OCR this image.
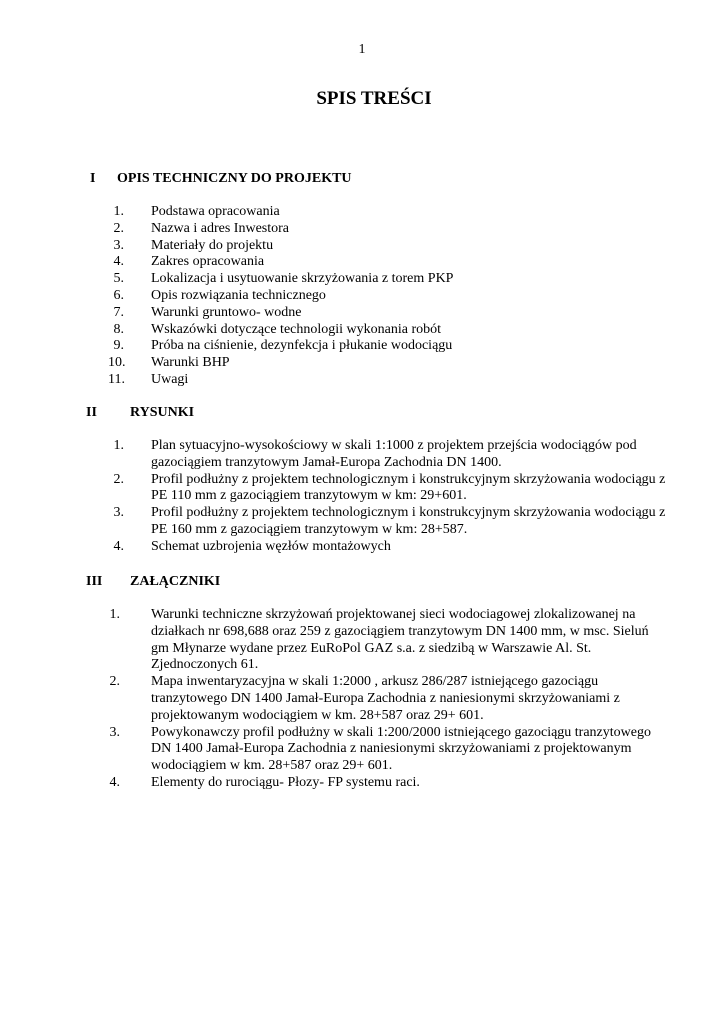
1
SPIS TREŚCI
I OPIS TECHNICZNY DO PROJEKTU
1. Podstawa opracowania
2. Nazwa i adres Inwestora
3. Materiały do projektu
4. Zakres opracowania
5. Lokalizacja i usytuowanie skrzyżowania z torem PKP
6. Opis rozwiązania technicznego
7. Warunki gruntowo- wodne
8. Wskazówki dotyczące technologii wykonania robót
9. Próba na ciśnienie, dezynfekcja i płukanie wodociągu
10. Warunki BHP
11. Uwagi
II RYSUNKI
1. Plan sytuacyjno-wysokościowy w skali 1:1000 z projektem przejścia wodociągów pod gazociągiem tranzytowym Jamał-Europa Zachodnia DN 1400.
2. Profil podłużny z projektem technologicznym i konstrukcyjnym skrzyżowania wodociągu z PE 110 mm z gazociągiem tranzytowym w km: 29+601.
3. Profil podłużny z projektem technologicznym i konstrukcyjnym skrzyżowania wodociągu z PE 160 mm z gazociągiem tranzytowym w km: 28+587.
4. Schemat uzbrojenia węzłów montażowych
III ZAŁĄCZNIKI
1. Warunki techniczne skrzyżowań projektowanej sieci wodociagowej zlokalizowanej na działkach nr 698,688 oraz 259 z gazociągiem tranzytowym DN 1400 mm, w msc. Sieluń gm Młynarze wydane przez EuRoPol GAZ s.a. z siedzibą w Warszawie Al. St. Zjednoczonych 61.
2. Mapa inwentaryzacyjna w skali 1:2000 , arkusz 286/287 istniejącego gazociągu tranzytowego DN 1400 Jamał-Europa Zachodnia z naniesionymi skrzyżowaniami z projektowanym wodociągiem w km. 28+587 oraz 29+ 601.
3. Powykonawczy profil podłużny w skali 1:200/2000 istniejącego gazociągu tranzytowego DN 1400 Jamał-Europa Zachodnia z naniesionymi skrzyżowaniami z projektowanym wodociągiem w km. 28+587 oraz 29+ 601.
4. Elementy do rurociągu- Płozy- FP systemu raci.
